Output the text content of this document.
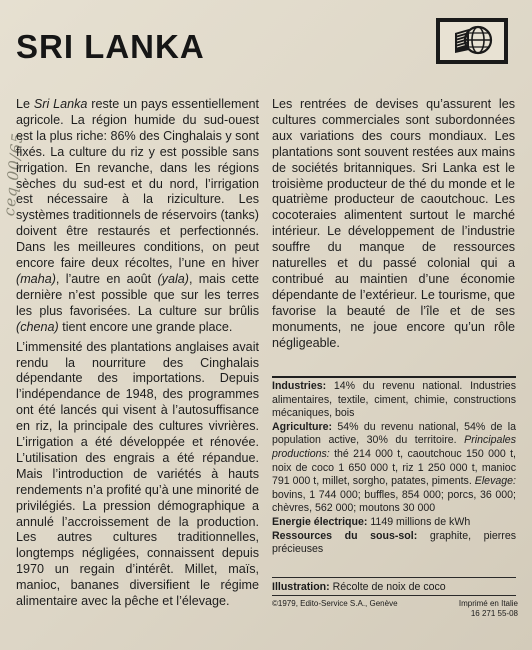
SRI LANKA
ceq 00/65

Le Sri Lanka reste un pays essentiellement agricole. La région humide du sud-ouest est la plus riche: 86% des Cinghalais y sont fixés. La culture du riz y est possible sans irrigation. En revanche, dans les régions sèches du sud-est et du nord, l’irrigation est nécessaire à la riziculture. Les systèmes traditionnels de réservoirs (tanks) doivent être restaurés et perfectionnés. Dans les meilleures conditions, on peut encore faire deux récoltes, l’une en hiver (maha), l’autre en août (yala), mais cette dernière n’est possible que sur les terres les plus favorisées. La culture sur brûlis (chena) tient encore une grande place.

L’immensité des plantations anglaises avait rendu la nourriture des Cinghalais dépendante des importations. Depuis l’indépendance de 1948, des programmes ont été lancés qui visent à l’autosuffisance en riz, la principale des cultures vivrières. L’irrigation a été développée et rénovée. L’utilisation des engrais a été répandue. Mais l’introduction de variétés à hauts rendements n’a profité qu’à une minorité de privilégiés. La pression démographique a annulé l’accroissement de la production. Les autres cultures traditionnelles, longtemps négligées, connaissent depuis 1970 un regain d’intérêt. Millet, maïs, manioc, bananes diversifient le régime alimentaire avec la pêche et l’élevage.

Les rentrées de devises qu’assurent les cultures commerciales sont subordonnées aux variations des cours mondiaux. Les plantations sont souvent restées aux mains de sociétés britanniques. Sri Lanka est le troisième producteur de thé du monde et le quatrième producteur de caoutchouc. Les cocoteraies alimentent surtout le marché intérieur. Le développement de l’industrie souffre du manque de ressources naturelles et du passé colonial qui a contribué au maintien d’une économie dépendante de l’extérieur. Le tourisme, que favorise la beauté de l’île et de ses monuments, ne joue encore qu’un rôle négligeable.

Industries: 14% du revenu national. Industries alimentaires, textile, ciment, chimie, constructions mécaniques, bois

Agriculture: 54% du revenu national, 54% de la population active, 30% du territoire. Principales productions: thé 214 000 t, caoutchouc 150 000 t, noix de coco 1 650 000 t, riz 1 250 000 t, manioc 791 000 t, millet, sorgho, patates, piments. Elevage: bovins, 1 744 000; buffles, 854 000; porcs, 36 000; chèvres, 562 000; moutons 30 000

Energie électrique: 1149 millions de kWh

Ressources du sous-sol: graphite, pierres précieuses

Illustration: Récolte de noix de coco
©1979, Edito-Service S.A., Genève	Imprimé en Italie
16 271 55-08
